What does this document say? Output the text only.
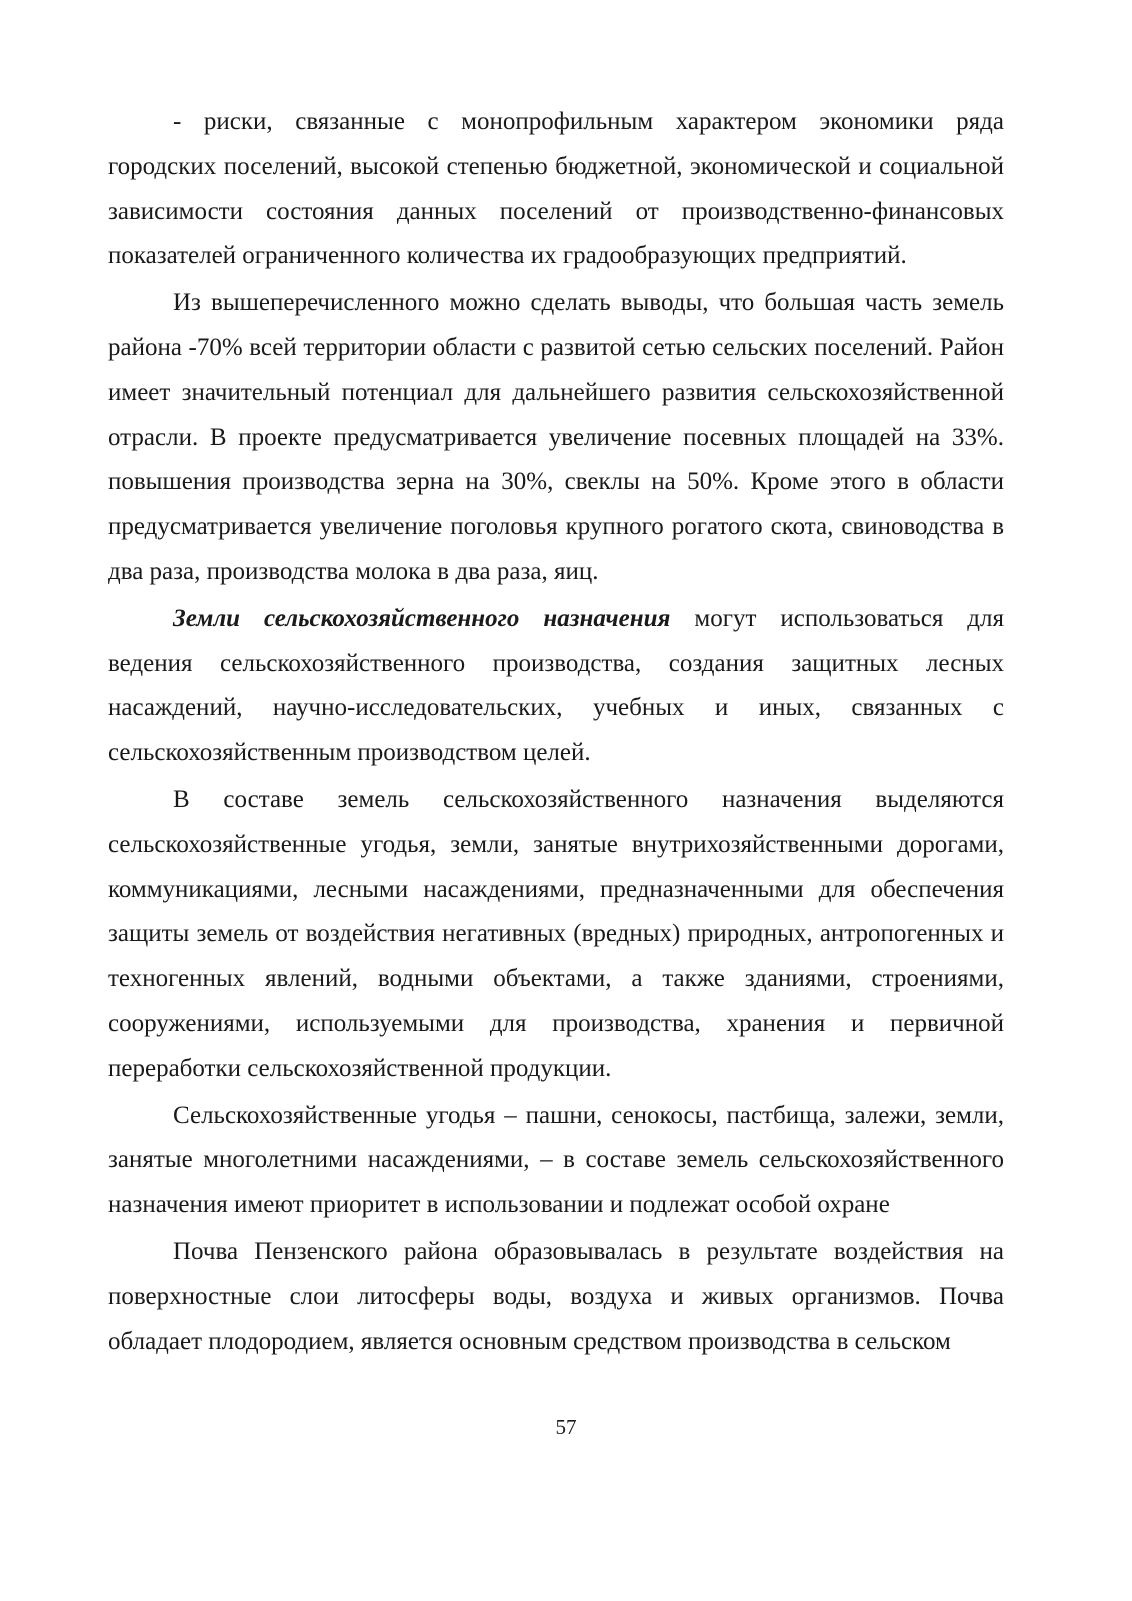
- риски, связанные с монопрофильным характером экономики ряда городских поселений, высокой степенью бюджетной, экономической и социальной зависимости состояния данных поселений от производственно-финансовых показателей ограниченного количества их градообразующих предприятий.

Из вышеперечисленного можно сделать выводы, что большая часть земель района -70% всей территории области с развитой сетью сельских поселений. Район имеет значительный потенциал для дальнейшего развития сельскохозяйственной отрасли. В проекте предусматривается увеличение посевных площадей на 33%. повышения производства зерна на 30%, свеклы на 50%. Кроме этого в области предусматривается увеличение поголовья крупного рогатого скота, свиноводства в два раза, производства молока в два раза, яиц.

Земли сельскохозяйственного назначения могут использоваться для ведения сельскохозяйственного производства, создания защитных лесных насаждений, научно-исследовательских, учебных и иных, связанных с сельскохозяйственным производством целей.

В составе земель сельскохозяйственного назначения выделяются сельскохозяйственные угодья, земли, занятые внутрихозяйственными дорогами, коммуникациями, лесными насаждениями, предназначенными для обеспечения защиты земель от воздействия негативных (вредных) природных, антропогенных и техногенных явлений, водными объектами, а также зданиями, строениями, сооружениями, используемыми для производства, хранения и первичной переработки сельскохозяйственной продукции.

Сельскохозяйственные угодья – пашни, сенокосы, пастбища, залежи, земли, занятые многолетними насаждениями, – в составе земель сельскохозяйственного назначения имеют приоритет в использовании и подлежат особой охране

Почва Пензенского района образовывалась в результате воздействия на поверхностные слои литосферы воды, воздуха и живых организмов. Почва обладает плодородием, является основным средством производства в сельском

57
